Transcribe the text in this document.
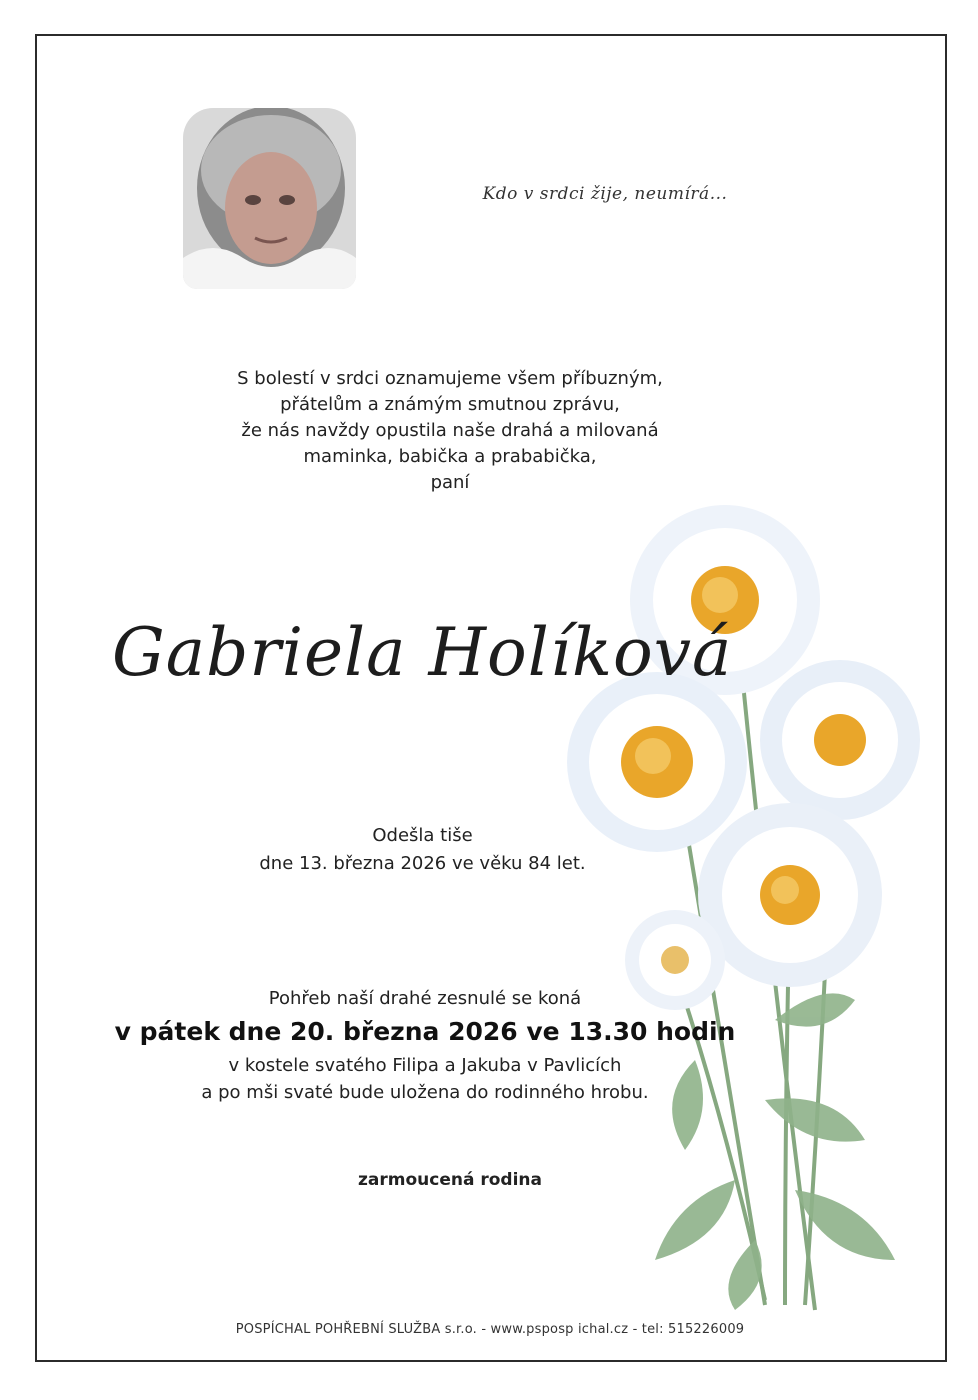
Kdo v srdci žije, neumírá...
S bolestí v srdci oznamujeme všem příbuzným,
přátelům a známým smutnou zprávu,
že nás navždy opustila naše drahá a milovaná
maminka, babička a prababička,
paní
Gabriela Holíková
Odešla tiše
dne 13. března 2026 ve věku 84 let.
Pohřeb naší drahé zesnulé se koná
v pátek dne 20. března 2026 ve 13.30 hodin
v kostele svatého Filipa a Jakuba v Pavlicích
a po mši svaté bude uložena do rodinného hrobu.
zarmoucená rodina
POSPÍCHAL POHŘEBNÍ SLUŽBA s.r.o. - www.psposp ichal.cz - tel: 515226009
